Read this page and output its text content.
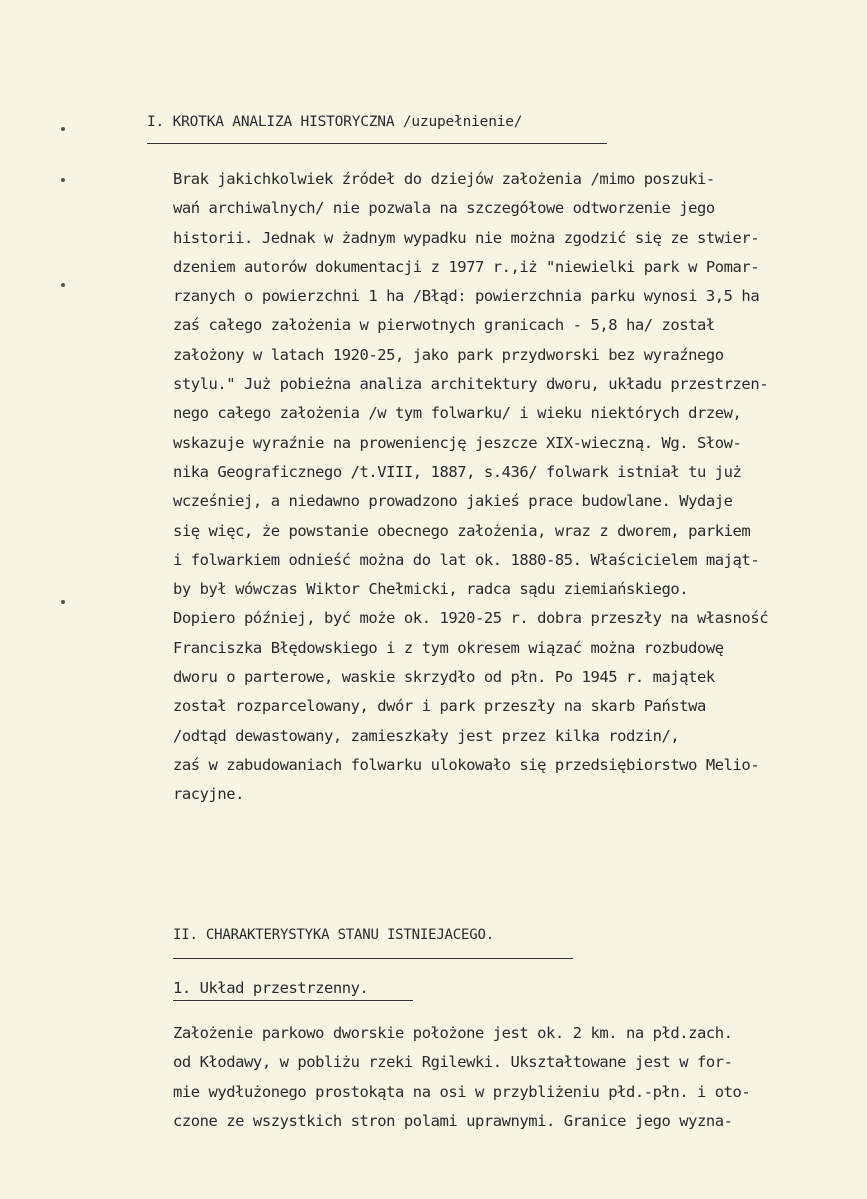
I. KROTKA ANALIZA HISTORYCZNA /uzupełnienie/
Brak jakichkolwiek źródeł do dziejów założenia /mimo poszuki-
wań archiwalnych/ nie pozwala na szczegółowe odtworzenie jego
historii. Jednak w żadnym wypadku nie można zgodzić się ze stwier-
dzeniem autorów dokumentacji z 1977 r.,iż "niewielki park w Pomar-
rzanych o powierzchni 1 ha /Błąd: powierzchnia parku wynosi 3,5 ha
zaś całego założenia w pierwotnych granicach - 5,8 ha/ został
założony w latach 1920-25, jako park przydworski bez wyraźnego
stylu." Już pobieżna analiza architektury dworu, układu przestrzen-
nego całego założenia /w tym folwarku/ i wieku niektórych drzew,
wskazuje wyraźnie na proweniencję jeszcze XIX-wieczną. Wg. Słow-
nika Geograficznego /t.VIII, 1887, s.436/ folwark istniał tu już
wcześniej, a niedawno prowadzono jakieś prace budowlane. Wydaje
się więc, że powstanie obecnego założenia, wraz z dworem, parkiem
i folwarkiem odnieść można do lat ok. 1880-85. Właścicielem mająt-
by był wówczas Wiktor Chełmicki, radca sądu ziemiańskiego.
Dopiero później, być może ok. 1920-25 r. dobra przeszły na własność
Franciszka Błędowskiego i z tym okresem wiązać można rozbudowę
dworu o parterowe, waskie skrzydło od płn. Po 1945 r. majątek
został rozparcelowany, dwór i park przeszły na skarb Państwa
/odtąd dewastowany, zamieszkały jest przez kilka rodzin/,
zaś w zabudowaniach folwarku ulokowało się przedsiębiorstwo Melio-
racyjne.
II. CHARAKTERYSTYKA STANU ISTNIEJACEGO.
1. Układ przestrzenny.
Założenie parkowo dworskie położone jest ok. 2 km. na płd.zach.
od Kłodawy, w pobliżu rzeki Rgilewki. Ukształtowane jest w for-
mie wydłużonego prostokąta na osi w przybliżeniu płd.-płn. i oto-
czone ze wszystkich stron polami uprawnymi. Granice jego wyzna-
